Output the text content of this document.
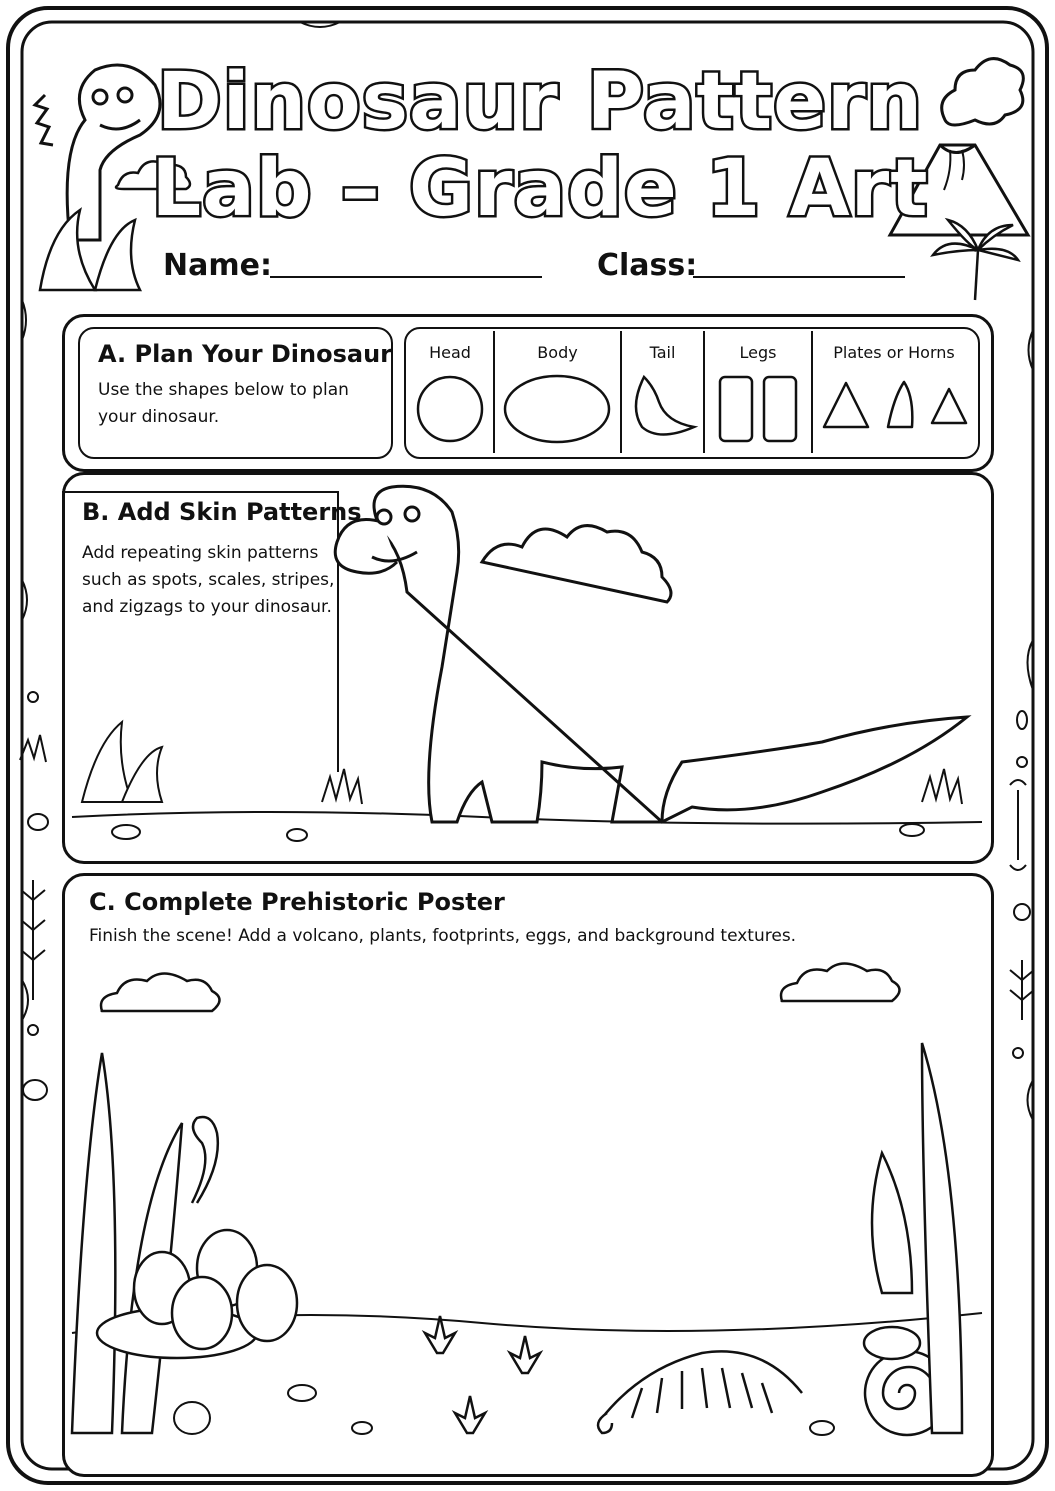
Dinosaur Pattern
Lab – Grade 1 Art
Name:	Class:
A. Plan Your Dinosaur
Use the shapes below to plan your dinosaur.
Head	Body	Tail	Legs	Plates or Horns
B. Add Skin Patterns
Add repeating skin patterns such as spots, scales, stripes, and zigzags to your dinosaur.
C. Complete Prehistoric Poster
Finish the scene! Add a volcano, plants, footprints, eggs, and background textures.
